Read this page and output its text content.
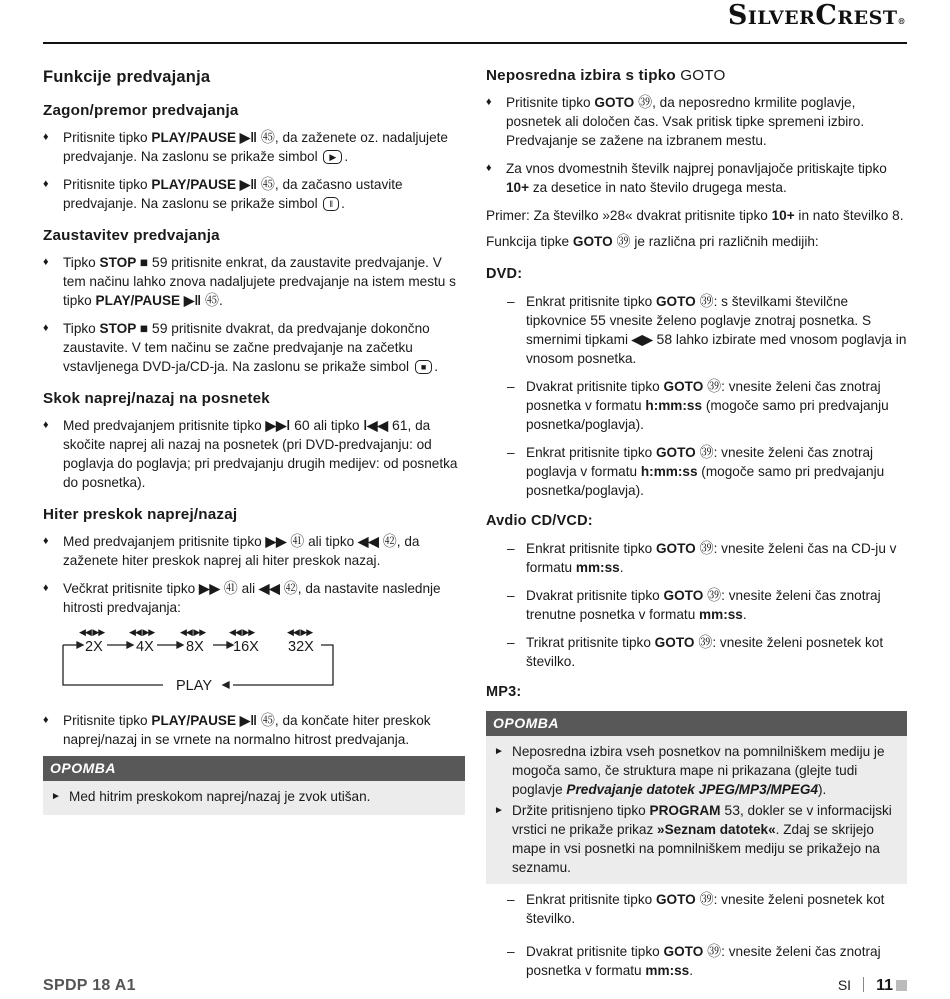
SilverCrest®
Funkcije predvajanja
Zagon/premor predvajanja
♦ Pritisnite tipko PLAY/PAUSE ▶ǁ ㊺, da zaženete oz. nadaljujete predvajanje. Na zaslonu se prikaže simbol ▶ .
♦ Pritisnite tipko PLAY/PAUSE ▶ǁ ㊺, da začasno ustavite predvajanje. Na zaslonu se prikaže simbol ǁ .
Zaustavitev predvajanja
♦ Tipko STOP ■ 59 pritisnite enkrat, da zaustavite predvajanje. V tem načinu lahko znova nadaljujete predvajanje na istem mestu s tipko PLAY/PAUSE ▶ǁ ㊺.
♦ Tipko STOP ■ 59 pritisnite dvakrat, da predvajanje dokončno zaustavite. V tem načinu se začne predvajanje na začetku vstavljenega DVD-ja/CD-ja. Na zaslonu se prikaže simbol ■ .
Skok naprej/nazaj na posnetek
♦ Med predvajanjem pritisnite tipko ▶▶ǀ 60 ali tipko ǀ◀◀ 61, da skočite naprej ali nazaj na posnetek (pri DVD-predvajanju: od poglavja do poglavja; pri predvajanju drugih medijev: od posnetka do posnetka).
Hiter preskok naprej/nazaj
♦ Med predvajanjem pritisnite tipko ▶▶ ㊶ ali tipko ◀◀ ㊷, da zaženete hiter preskok naprej ali hiter preskok nazaj.
♦ Večkrat pritisnite tipko ▶▶ ㊶ ali ◀◀ ㊷, da nastavite naslednje hitrosti predvajanja:
◀◀ ▶▶	◀◀ ▶▶	◀◀ ▶▶	◀◀ ▶▶	◀◀ ▶▶
2X 4X 8X 16X 32X
PLAY
♦ Pritisnite tipko PLAY/PAUSE ▶ǁ ㊺, da končate hiter preskok naprej/nazaj in se vrnete na normalno hitrost predvajanja.
OPOMBA
► Med hitrim preskokom naprej/nazaj je zvok utišan.
Neposredna izbira s tipko GOTO
♦ Pritisnite tipko GOTO ㊴, da neposredno krmilite poglavje, posnetek ali določen čas. Vsak pritisk tipke spremeni izbiro. Predvajanje se zažene na izbranem mestu.
♦ Za vnos dvomestnih številk najprej ponavljajoče pritiskajte tipko 10+ za desetice in nato število drugega mesta.

Primer: Za številko »28« dvakrat pritisnite tipko 10+ in nato številko 8.

Funkcija tipke GOTO ㊴ je različna pri različnih medijih:

DVD:
– Enkrat pritisnite tipko GOTO ㊴: s številkami številčne tipkovnice 55 vnesite želeno poglavje znotraj posnetka. S smernimi tipkami ◀▶ 58 lahko izbirate med vnosom poglavja in vnosom posnetka.
– Dvakrat pritisnite tipko GOTO ㊴: vnesite želeni čas znotraj posnetka v formatu h:mm:ss (mogoče samo pri predvajanju posnetka/poglavja).
– Enkrat pritisnite tipko GOTO ㊴: vnesite želeni čas znotraj poglavja v formatu h:mm:ss (mogoče samo pri predvajanju posnetka/poglavja).
Avdio CD/VCD:
– Enkrat pritisnite tipko GOTO ㊴: vnesite želeni čas na CD-ju v formatu mm:ss.
– Dvakrat pritisnite tipko GOTO ㊴: vnesite želeni čas znotraj trenutne posnetka v formatu mm:ss.
– Trikrat pritisnite tipko GOTO ㊴: vnesite želeni posnetek kot številko.
MP3:
OPOMBA
► Neposredna izbira vseh posnetkov na pomnilniškem mediju je mogoča samo, če struktura mape ni prikazana (glejte tudi poglavje Predvajanje datotek JPEG/MP3/MPEG4).
► Držite pritisnjeno tipko PROGRAM 53, dokler se v informacijski vrstici ne prikaže prikaz »Seznam datotek«. Zdaj se skrijejo mape in vsi posnetki na pomnilniškem mediju se prikažejo na seznamu.
– Enkrat pritisnite tipko GOTO ㊴: vnesite želeni posnetek kot številko.
– Dvakrat pritisnite tipko GOTO ㊴: vnesite želeni čas znotraj posnetka v formatu mm:ss.
SPDP 18 A1	SI 11
